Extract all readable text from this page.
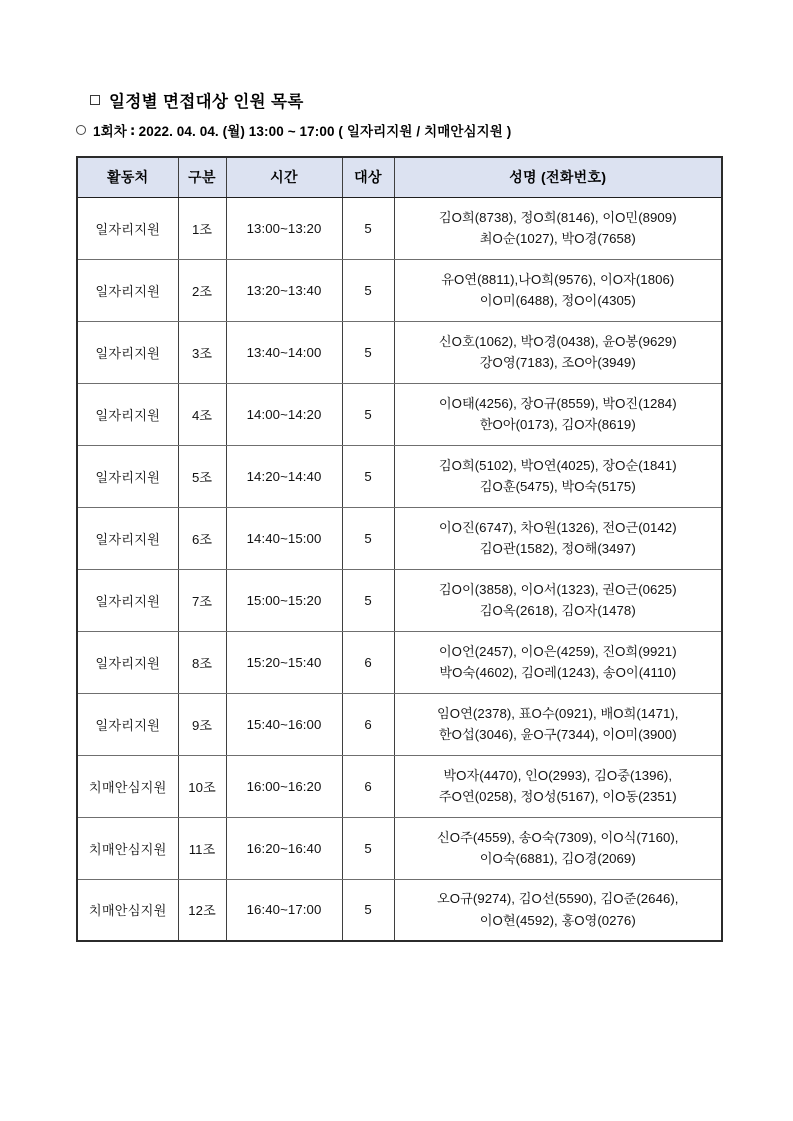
일정별 면접대상 인원 목록
1회차 ∶ 2022. 04. 04. (월) 13:00 ~ 17:00 ( 일자리지원 / 치매안심지원 )
활동처	구분	시간	대상	성명 (전화번호)
일자리지원	1조	13:00~13:20	5	김O희(8738), 정O희(8146), 이O민(8909)
최O순(1027), 박O경(7658)

일자리지원	2조	13:20~13:40	5	유O연(8811),나O희(9576), 이O자(1806)
이O미(6488), 정O이(4305)

일자리지원	3조	13:40~14:00	5	신O호(1062), 박O경(0438), 윤O봉(9629)
강O영(7183), 조O아(3949)

일자리지원	4조	14:00~14:20	5	이O태(4256), 장O규(8559), 박O진(1284)
한O아(0173), 김O자(8619)

일자리지원	5조	14:20~14:40	5	김O희(5102), 박O연(4025), 장O순(1841)
김O훈(5475), 박O숙(5175)

일자리지원	6조	14:40~15:00	5	이O진(6747), 차O원(1326), 전O근(0142)
김O관(1582), 정O해(3497)

일자리지원	7조	15:00~15:20	5	김O이(3858), 이O서(1323), 권O근(0625)
김O옥(2618), 김O자(1478)

일자리지원	8조	15:20~15:40	6	이O언(2457), 이O은(4259), 진O희(9921)
박O숙(4602), 김O레(1243), 송O이(4110)

일자리지원	9조	15:40~16:00	6	임O연(2378), 표O수(0921), 배O희(1471),
한O섭(3046), 윤O구(7344), 이O미(3900)

치매안심지원	10조	16:00~16:20	6	박O자(4470), 인O(2993), 김O중(1396),
주O연(0258), 정O성(5167), 이O동(2351)

치매안심지원	11조	16:20~16:40	5	신O주(4559), 송O숙(7309), 이O식(7160),
이O숙(6881), 김O경(2069)

치매안심지원	12조	16:40~17:00	5	오O규(9274), 김O선(5590), 김O준(2646),
이O현(4592), 홍O영(0276)
